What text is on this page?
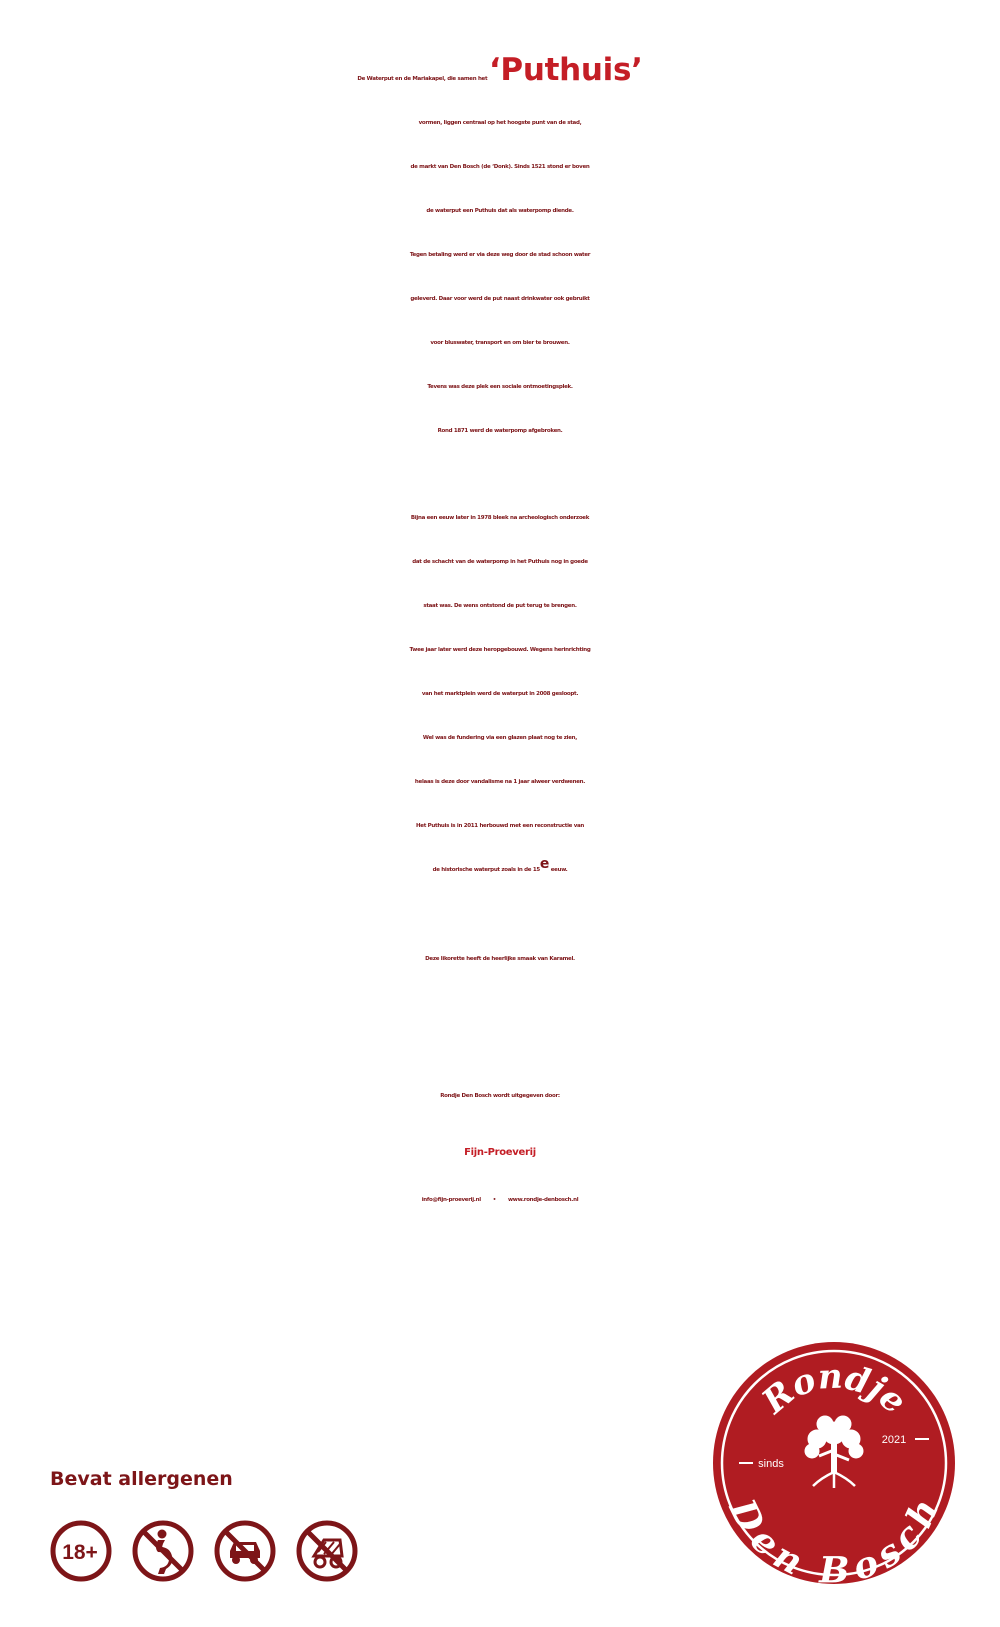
De Waterput en de Mariakapel, die samen het ‘Puthuis’

vormen, liggen centraal op het hoogste punt van de stad,

de markt van Den Bosch (de ‘Donk). Sinds 1521 stond er boven

de waterput een Puthuis dat als waterpomp diende.

Tegen betaling werd er via deze weg door de stad schoon water

geleverd. Daar voor werd de put naast drinkwater ook gebruikt

voor bluswater, transport en om bier te brouwen.

Tevens was deze plek een sociale ontmoetingsplek.

Rond 1871 werd de waterpomp afgebroken.

Bijna een eeuw later in 1978 bleek na archeologisch onderzoek

dat de schacht van de waterpomp in het Puthuis nog in goede

staat was. De wens ontstond de put terug te brengen.

Twee jaar later werd deze heropgebouwd. Wegens herinrichting

van het marktplein werd de waterput in 2008 gesloopt.

Wel was de fundering via een glazen plaat nog te zien,

helaas is deze door vandalisme na 1 jaar alweer verdwenen.

Het Puthuis is in 2011 herbouwd met een reconstructie van

de historische waterput zoals in de 15e eeuw.

Deze likorette heeft de heerlijke smaak van Karamel.

Rondje Den Bosch wordt uitgegeven door:

Fijn-Proeverij

info@fijn-proeverij.nl • www.rondje-denbosch.nl

Bevat allergenen

18+
Rondje
Den Bosch
sinds
2021
